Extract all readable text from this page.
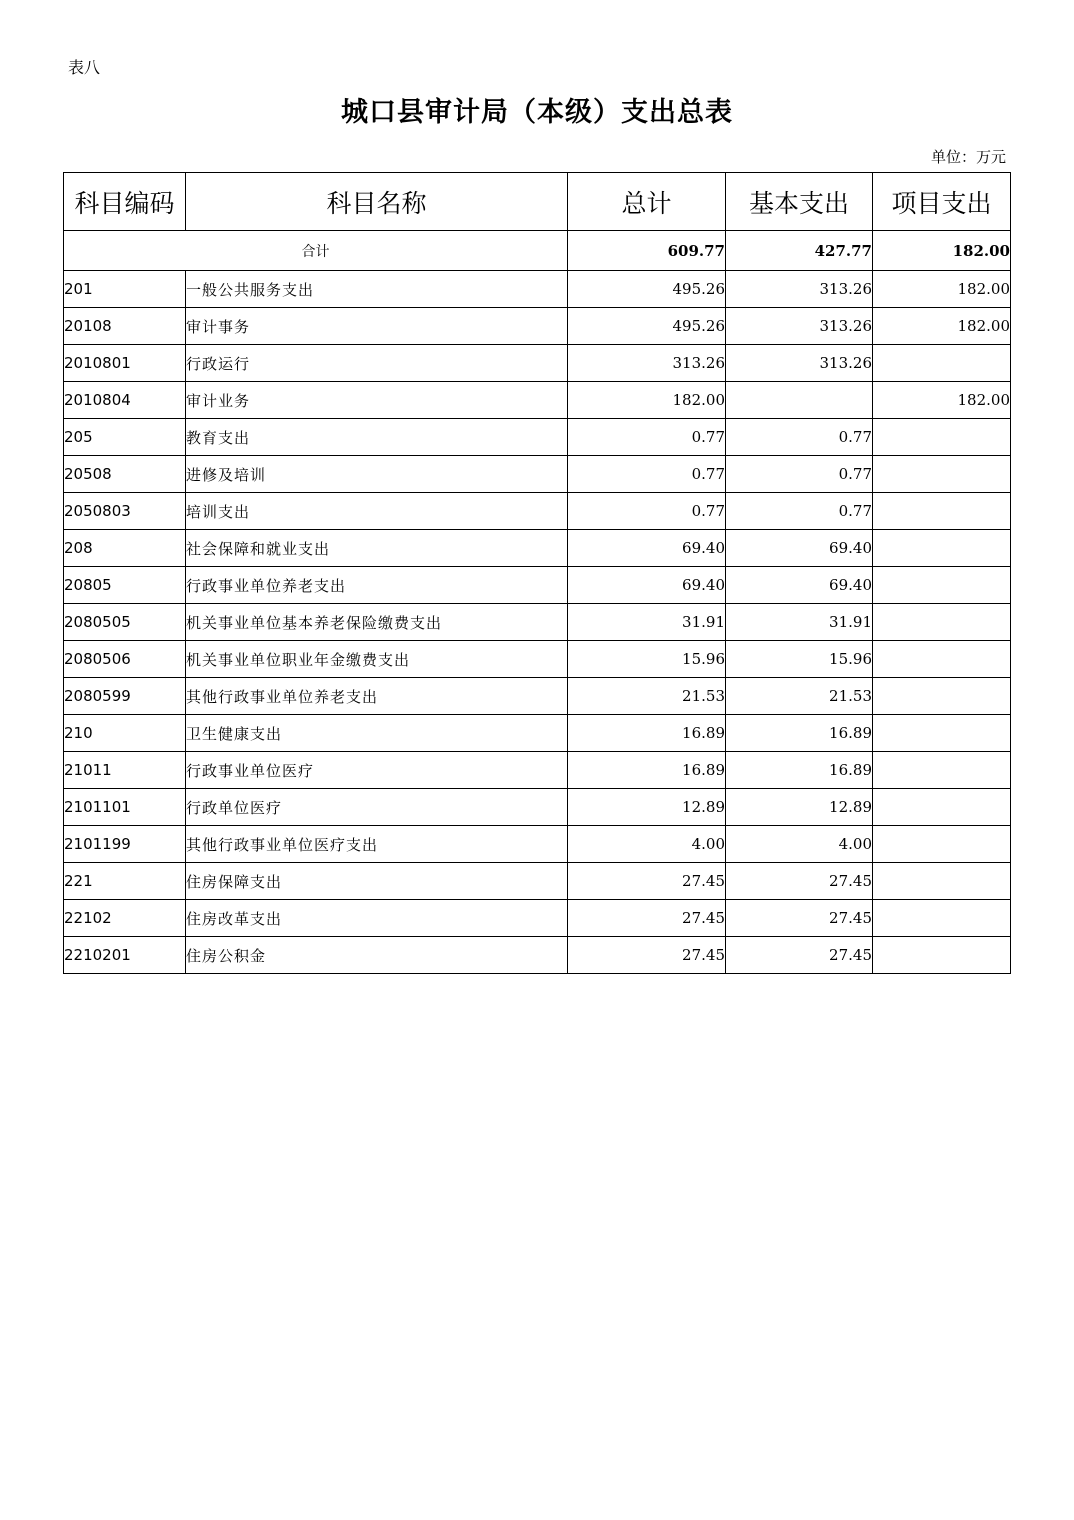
表八
城口县审计局（本级）支出总表
单位：万元
科目编码	科目名称	总计	基本支出	项目支出
合计		609.77	427.77	182.00
201	一般公共服务支出	495.26	313.26	182.00
20108	审计事务	495.26	313.26	182.00
2010801	行政运行	313.26	313.26	
2010804	审计业务	182.00		182.00
205	教育支出	0.77	0.77	
20508	进修及培训	0.77	0.77	
2050803	培训支出	0.77	0.77	
208	社会保障和就业支出	69.40	69.40	
20805	行政事业单位养老支出	69.40	69.40	
2080505	机关事业单位基本养老保险缴费支出	31.91	31.91	
2080506	机关事业单位职业年金缴费支出	15.96	15.96	
2080599	其他行政事业单位养老支出	21.53	21.53	
210	卫生健康支出	16.89	16.89	
21011	行政事业单位医疗	16.89	16.89	
2101101	行政单位医疗	12.89	12.89	
2101199	其他行政事业单位医疗支出	4.00	4.00	
221	住房保障支出	27.45	27.45	
22102	住房改革支出	27.45	27.45	
2210201	住房公积金	27.45	27.45	
